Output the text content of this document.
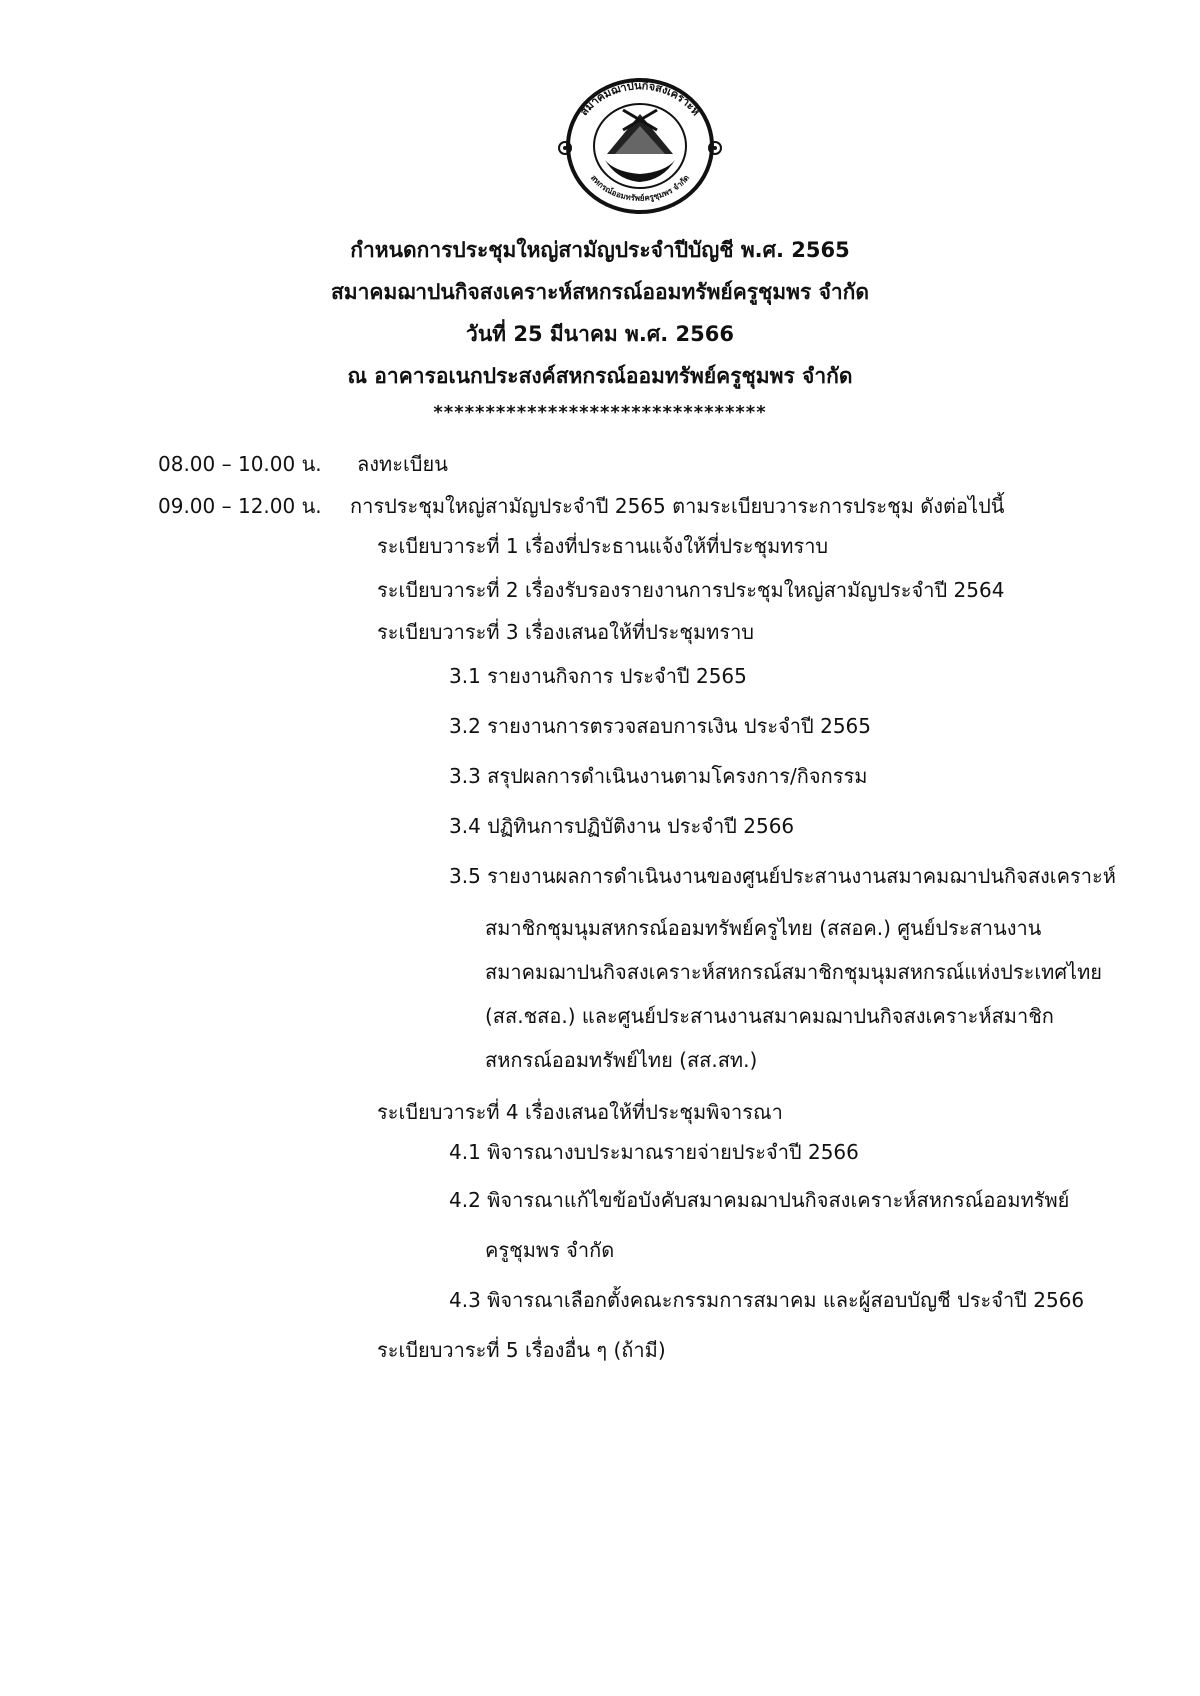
สมาคมฌาปนกิจสงเคราะห์
สหกรณ์ออมทรัพย์ครูชุมพร จำกัด
กำหนดการประชุมใหญ่สามัญประจำปีบัญชี พ.ศ. 2565
สมาคมฌาปนกิจสงเคราะห์สหกรณ์ออมทรัพย์ครูชุมพร จำกัด
วันที่ 25 มีนาคม พ.ศ. 2566
ณ อาคารอเนกประสงค์สหกรณ์ออมทรัพย์ครูชุมพร จำกัด
********************************
08.00 – 10.00 น. ลงทะเบียน
09.00 – 12.00 น. การประชุมใหญ่สามัญประจำปี 2565 ตามระเบียบวาระการประชุม ดังต่อไปนี้
ระเบียบวาระที่ 1 เรื่องที่ประธานแจ้งให้ที่ประชุมทราบ
ระเบียบวาระที่ 2 เรื่องรับรองรายงานการประชุมใหญ่สามัญประจำปี 2564
ระเบียบวาระที่ 3 เรื่องเสนอให้ที่ประชุมทราบ
3.1 รายงานกิจการ ประจำปี 2565
3.2 รายงานการตรวจสอบการเงิน ประจำปี 2565
3.3 สรุปผลการดำเนินงานตามโครงการ/กิจกรรม
3.4 ปฏิทินการปฏิบัติงาน ประจำปี 2566
3.5 รายงานผลการดำเนินงานของศูนย์ประสานงานสมาคมฌาปนกิจสงเคราะห์
สมาชิกชุมนุมสหกรณ์ออมทรัพย์ครูไทย (สสอค.) ศูนย์ประสานงาน
สมาคมฌาปนกิจสงเคราะห์สหกรณ์สมาชิกชุมนุมสหกรณ์แห่งประเทศไทย
(สส.ชสอ.) และศูนย์ประสานงานสมาคมฌาปนกิจสงเคราะห์สมาชิก
สหกรณ์ออมทรัพย์ไทย (สส.สท.)
ระเบียบวาระที่ 4 เรื่องเสนอให้ที่ประชุมพิจารณา
4.1 พิจารณางบประมาณรายจ่ายประจำปี 2566
4.2 พิจารณาแก้ไขข้อบังคับสมาคมฌาปนกิจสงเคราะห์สหกรณ์ออมทรัพย์
ครูชุมพร จำกัด
4.3 พิจารณาเลือกตั้งคณะกรรมการสมาคม และผู้สอบบัญชี ประจำปี 2566
ระเบียบวาระที่ 5 เรื่องอื่น ๆ (ถ้ามี)
